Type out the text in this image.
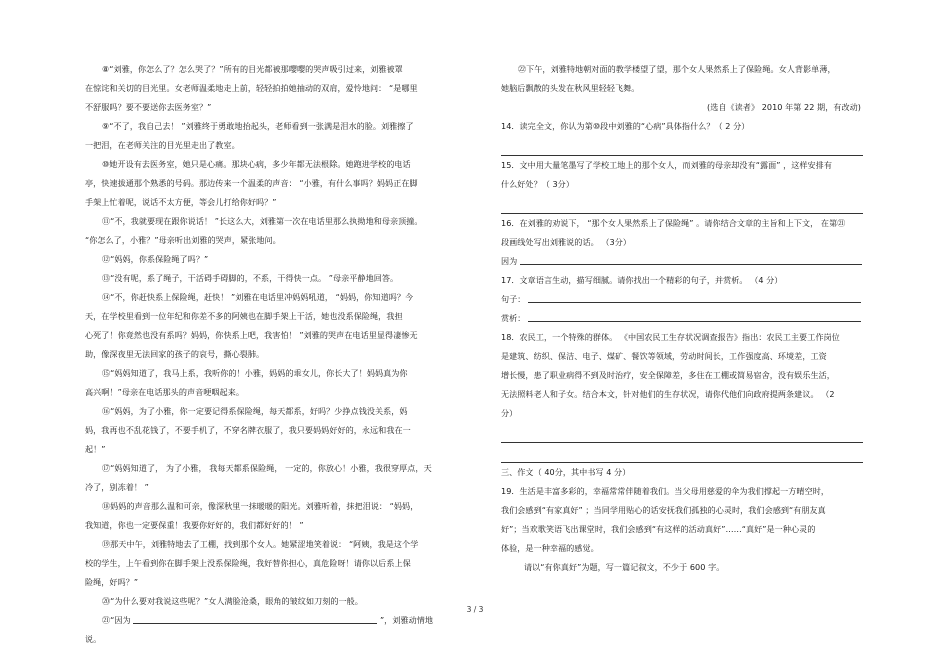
⑧“刘雅，你怎么了？怎么哭了？”所有的目光都被那嘤嘤的哭声吸引过来，刘雅被罩

在惊诧和关切的目光里。女老师温柔地走上前，轻轻拍拍她抽动的双肩，爱怜地问： “是哪里

不舒服吗？要不要送你去医务室？”

⑨“不了，我自己去！ ”刘雅终于勇敢地抬起头，老师看到一张满是泪水的脸。刘雅擦了

一把泪，在老师关注的目光里走出了教室。

⑩她开设有去医务室，她只是心痛。那块心病，多少年都无法根除。她跑进学校的电话

亭，快速拔通那个熟悉的号码。那边传来一个温柔的声音： “小雅，有什么事吗？妈妈正在脚

手架上忙着呢，说话不太方便，等会儿打给你好吗？”

⑪“不，我就要现在跟你说话！ ”长这么大，刘雅第一次在电话里那么执拗地和母亲顶撞。

“你怎么了，小雅？”母亲听出刘雅的哭声，紧张地问。

⑫“妈妈，你系保险绳了吗？”

⑬“没有呢，系了绳子，干活碍手碍脚的，不系，干得快一点。 ”母亲平静地回答。

⑭“不，你赶快系上保险绳，赶快！ ”刘雅在电话里冲妈妈吼道， “妈妈，你知道吗？今

天，在学校里看到一位年纪和你差不多的阿姨也在脚手架上干活，她也没系保险绳，我担

心死了！你竟然也没有系吗？妈妈，你快系上吧，我害怕！ ”刘雅的哭声在电话里显得凄惨无

助，像深夜里无法回家的孩子的哀号，撕心裂肺。

⑮“妈妈知道了，我马上系，我听你的！小雅，妈妈的乖女儿，你长大了！妈妈真为你

高兴啊！”母亲在电话那头的声音哽咽起来。

⑯“妈妈，为了小雅，你一定要记得系保险绳，每天都系，好吗？少挣点钱没关系，妈

妈，我再也不乱花钱了，不要手机了，不穿名牌衣服了，我只要妈妈好好的，永远和我在一

起！”

⑰“妈妈知道了， 为了小雅， 我每天都系保险绳， 一定的，你放心！小雅，我很穿厚点，天

冷了，别冻着！ ”

⑱妈妈的声音那么温和可亲，像深秋里一抹暖暖的阳光。刘雅听着，抹把泪说： “妈妈，

我知道，你也一定要保重！我要你好好的，我们都好好的！ ”

⑲那天中午，刘雅特地去了工棚，找到那个女人。她紧涩地笑着说： “阿姨，我是这个学

校的学生，上午看到你在脚手架上没系保险绳，我好替你担心，真危险呀！请你以后系上保

险绳，好吗？”

⑳“为什么要对我说这些呢？”女人满脸沧桑，眼角的皱纹如刀刻的一般。

㉑“因为	”，刘雅动情地

说。

㉒下午，刘雅特地朝对面的教学楼望了望，那个女人果然系上了保险绳。女人背影单薄，

她脑后飘散的头发在秋风里轻轻飞舞。

(选自《读者》 2010 年第 22 期，有改动)

14．读完全文，你认为第⑩段中刘雅的“心病”具体指什么？（ 2 分）

15．文中用大量笔墨写了学校工地上的那个女人，而刘雅的母亲却没有“露面” ，这样安排有

什么好处？（ 3分）

16．在刘雅的劝说下， “那个女人果然系上了保险绳” 。请你结合文章的主旨和上下文， 在第㉑

段画线处写出刘雅说的话。 （3分）

因为

17．文章语言生动，描写细腻。请你找出一个精彩的句子，并赏析。 （4 分）

句子：

赏析：

18．农民工，一个特殊的群体。 《中国农民工生存状况调查报告》指出：农民工主要工作岗位

是建筑、纺织、保洁、电子、煤矿、餐饮等领域，劳动时间长，工作强度高、环境差，工资

增长慢，患了职业病得不到及时治疗，安全保障差，多住在工棚或简易宿舍，没有娱乐生活，

无法照料老人和子女。结合本文，针对他们的生存状况，请你代他们向政府提两条建议。 （2

分）

三、作文（ 40分，其中书写 4 分）

19．生活是丰富多彩的，幸福常常伴随着我们。当父母用慈爱的伞为我们撑起一方晴空时，

我们会感到“有家真好” ；当同学用贴心的话安抚我们孤独的心灵时，我们会感到“有朋友真

好”；当欢歌笑语飞出课堂时，我们会感到“有这样的活动真好”……“真好”是一种心灵的

体验，是一种幸福的感觉。

请以“有你真好”为题，写一篇记叙文，不少于 600 字。

3 / 3
